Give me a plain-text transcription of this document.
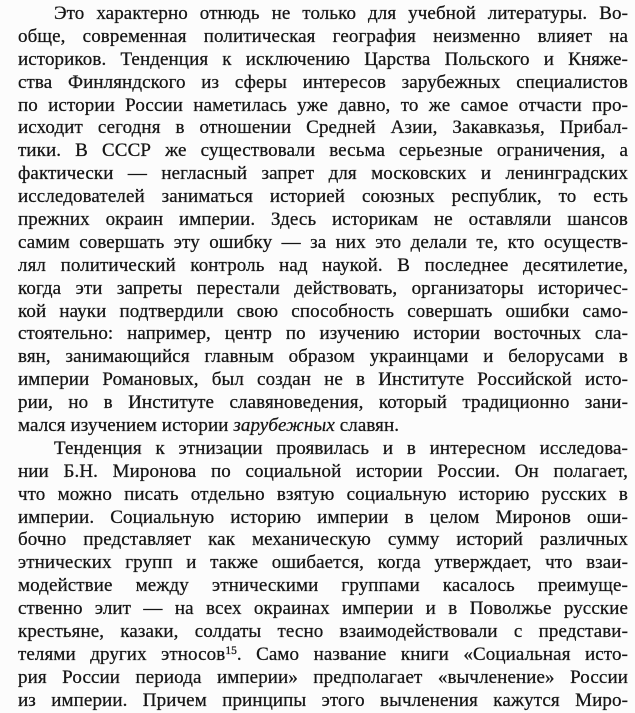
Это характерно отнюдь не только для учебной литературы. Во-
обще, современная политическая география неизменно влияет на
историков. Тенденция к исключению Царства Польского и Княже-
ства Финляндского из сферы интересов зарубежных специалистов
по истории России наметилась уже давно, то же самое отчасти про-
исходит сегодня в отношении Средней Азии, Закавказья, Прибал-
тики. В СССР же существовали весьма серьезные ограничения, а
фактически — негласный запрет для московских и ленинградских
исследователей заниматься историей союзных республик, то есть
прежних окраин империи. Здесь историкам не оставляли шансов
самим совершать эту ошибку — за них это делали те, кто осуществ-
лял политический контроль над наукой. В последнее десятилетие,
когда эти запреты перестали действовать, организаторы историчес-
кой науки подтвердили свою способность совершать ошибки само-
стоятельно: например, центр по изучению истории восточных сла-
вян, занимающийся главным образом украинцами и белорусами в
империи Романовых, был создан не в Институте Российской исто-
рии, но в Институте славяноведения, который традиционно зани-
мался изучением истории зарубежных славян.
Тенденция к этнизации проявилась и в интересном исследова-
нии Б.Н. Миронова по социальной истории России. Он полагает,
что можно писать отдельно взятую социальную историю русских в
империи. Социальную историю империи в целом Миронов оши-
бочно представляет как механическую сумму историй различных
этнических групп и также ошибается, когда утверждает, что взаи-
модействие между этническими группами касалось преимуще-
ственно элит — на всех окраинах империи и в Поволжье русские
крестьяне, казаки, солдаты тесно взаимодействовали с представи-
телями других этносов$^{15}$. Само название книги «Социальная исто-
рия России периода империи» предполагает «вычленение» России
из империи. Причем принципы этого вычленения кажутся Миро-
